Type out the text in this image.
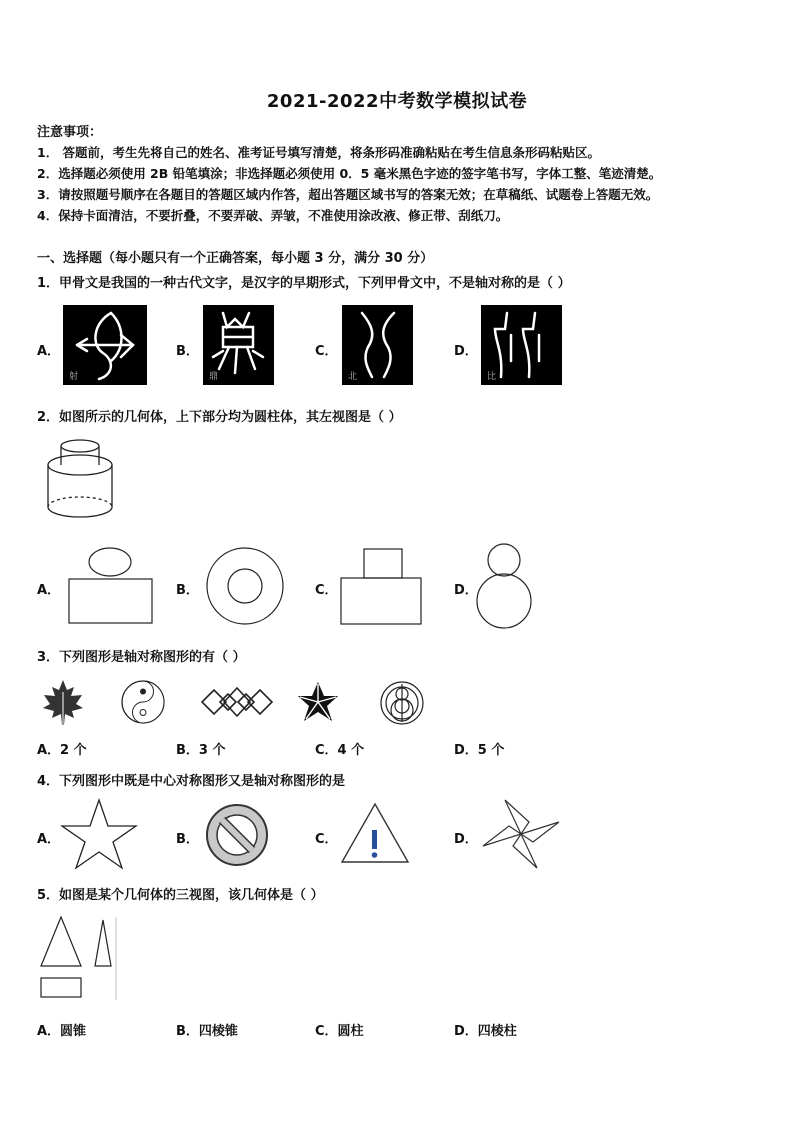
2021-2022中考数学模拟试卷
注意事项：
1． 答题前，考生先将自己的姓名、准考证号填写清楚，将条形码准确粘贴在考生信息条形码粘贴区。
2．选择题必须使用 2B 铅笔填涂；非选择题必须使用 0．5 毫米黑色字迹的签字笔书写，字体工整、笔迹清楚。
3．请按照题号顺序在各题目的答题区域内作答，超出答题区域书写的答案无效；在草稿纸、试题卷上答题无效。
4．保持卡面清洁，不要折叠，不要弄破、弄皱，不准使用涂改液、修正带、刮纸刀。
一、选择题（每小题只有一个正确答案，每小题 3 分，满分 30 分）
1．甲骨文是我国的一种古代文字，是汉字的早期形式，下列甲骨文中，不是轴对称的是（ ）
A．	B．	C．	D．
射	鼎	北	比
2．如图所示的几何体，上下部分均为圆柱体，其左视图是（ ）
A．	B．	C．	D．
3．下列图形是轴对称图形的有（ ）
A．2 个	B．3 个	C．4 个	D．5 个
4．下列图形中既是中心对称图形又是轴对称图形的是
A．	B．	C．	D．
5．如图是某个几何体的三视图，该几何体是（ ）
A．圆锥	B．四棱锥	C．圆柱	D．四棱柱
